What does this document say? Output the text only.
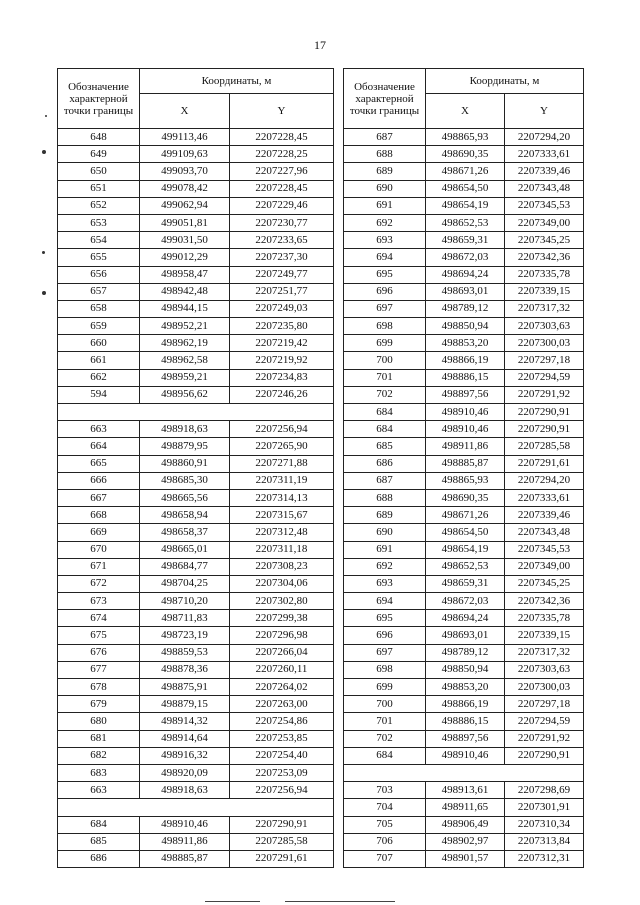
17
Обозначение характерной точки границы	Координаты, м	
	X	Y
648	499113,46	2207228,45
649	499109,63	2207228,25
650	499093,70	2207227,96
651	499078,42	2207228,45
652	499062,94	2207229,46
653	499051,81	2207230,77
654	499031,50	2207233,65
655	499012,29	2207237,30
656	498958,47	2207249,77
657	498942,48	2207251,77
658	498944,15	2207249,03
659	498952,21	2207235,80
660	498962,19	2207219,42
661	498962,58	2207219,92
662	498959,21	2207234,83
594	498956,62	2207246,26

663	498918,63	2207256,94
664	498879,95	2207265,90
665	498860,91	2207271,88
666	498685,30	2207311,19
667	498665,56	2207314,13
668	498658,94	2207315,67
669	498658,37	2207312,48
670	498665,01	2207311,18
671	498684,77	2207308,23
672	498704,25	2207304,06
673	498710,20	2207302,80
674	498711,83	2207299,38
675	498723,19	2207296,98
676	498859,53	2207266,04
677	498878,36	2207260,11
678	498875,91	2207264,02
679	498879,15	2207263,00
680	498914,32	2207254,86
681	498914,64	2207253,85
682	498916,32	2207254,40
683	498920,09	2207253,09
663	498918,63	2207256,94

684	498910,46	2207290,91
685	498911,86	2207285,58
686	498885,87	2207291,61
Обозначение характерной точки границы	Координаты, м	
	X	Y
687	498865,93	2207294,20
688	498690,35	2207333,61
689	498671,26	2207339,46
690	498654,50	2207343,48
691	498654,19	2207345,53
692	498652,53	2207349,00
693	498659,31	2207345,25
694	498672,03	2207342,36
695	498694,24	2207335,78
696	498693,01	2207339,15
697	498789,12	2207317,32
698	498850,94	2207303,63
699	498853,20	2207300,03
700	498866,19	2207297,18
701	498886,15	2207294,59
702	498897,56	2207291,92
684	498910,46	2207290,91
684	498910,46	2207290,91
685	498911,86	2207285,58
686	498885,87	2207291,61
687	498865,93	2207294,20
688	498690,35	2207333,61
689	498671,26	2207339,46
690	498654,50	2207343,48
691	498654,19	2207345,53
692	498652,53	2207349,00
693	498659,31	2207345,25
694	498672,03	2207342,36
695	498694,24	2207335,78
696	498693,01	2207339,15
697	498789,12	2207317,32
698	498850,94	2207303,63
699	498853,20	2207300,03
700	498866,19	2207297,18
701	498886,15	2207294,59
702	498897,56	2207291,92
684	498910,46	2207290,91

703	498913,61	2207298,69
704	498911,65	2207301,91
705	498906,49	2207310,34
706	498902,97	2207313,84
707	498901,57	2207312,31
